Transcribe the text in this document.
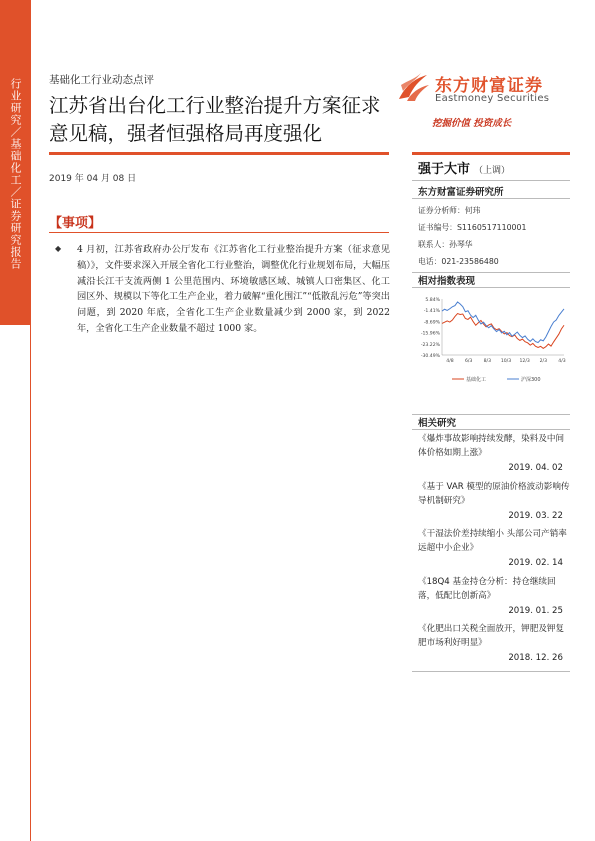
行业研究／基础化工／证券研究报告	基础化工行业动态点评
江苏省出台化工行业整治提升方案征求意见稿，强者恒强格局再度强化
2019 年 04 月 08 日
【事项】
◆ 4 月初，江苏省政府办公厅发布《江苏省化工行业整治提升方案（征求意见稿）》，文件要求深入开展全省化工行业整治，调整优化行业规划布局，大幅压减沿长江干支流两侧 1 公里范围内、环境敏感区域、城镇人口密集区、化工园区外、规模以下等化工生产企业，着力破解“重化围江”“低散乱污危”等突出问题，到 2020 年底，全省化工生产企业数量减少到 2000 家，到 2022 年，全省化工生产企业数量不超过 1000 家。

东方财富证券
Eastmoney Securities
挖掘价值 投资成长
强于大市 （上调）
东方财富证券研究所
证券分析师：何玮
证书编号：S1160517110001
联系人：孙琴华
电话：021-23586480
相对指数表现
5.84%
-1.41%
-8.69%
-15.96%
-23.22%
-30.49%
4/8 6/3 8/3 10/3 12/3 2/3 4/3
基础化工	沪深300
相关研究
《爆炸事故影响持续发酵，染料及中间体价格如期上涨》
2019. 04. 02
《基于 VAR 模型的原油价格波动影响传导机制研究》
2019. 03. 22
《干湿法价差持续缩小 头部公司产销率远超中小企业》
2019. 02. 14
《18Q4 基金持仓分析：持仓继续回落，低配比创新高》
2019. 01. 25
《化肥出口关税全面放开，钾肥及钾复肥市场利好明显》
2018. 12. 26
